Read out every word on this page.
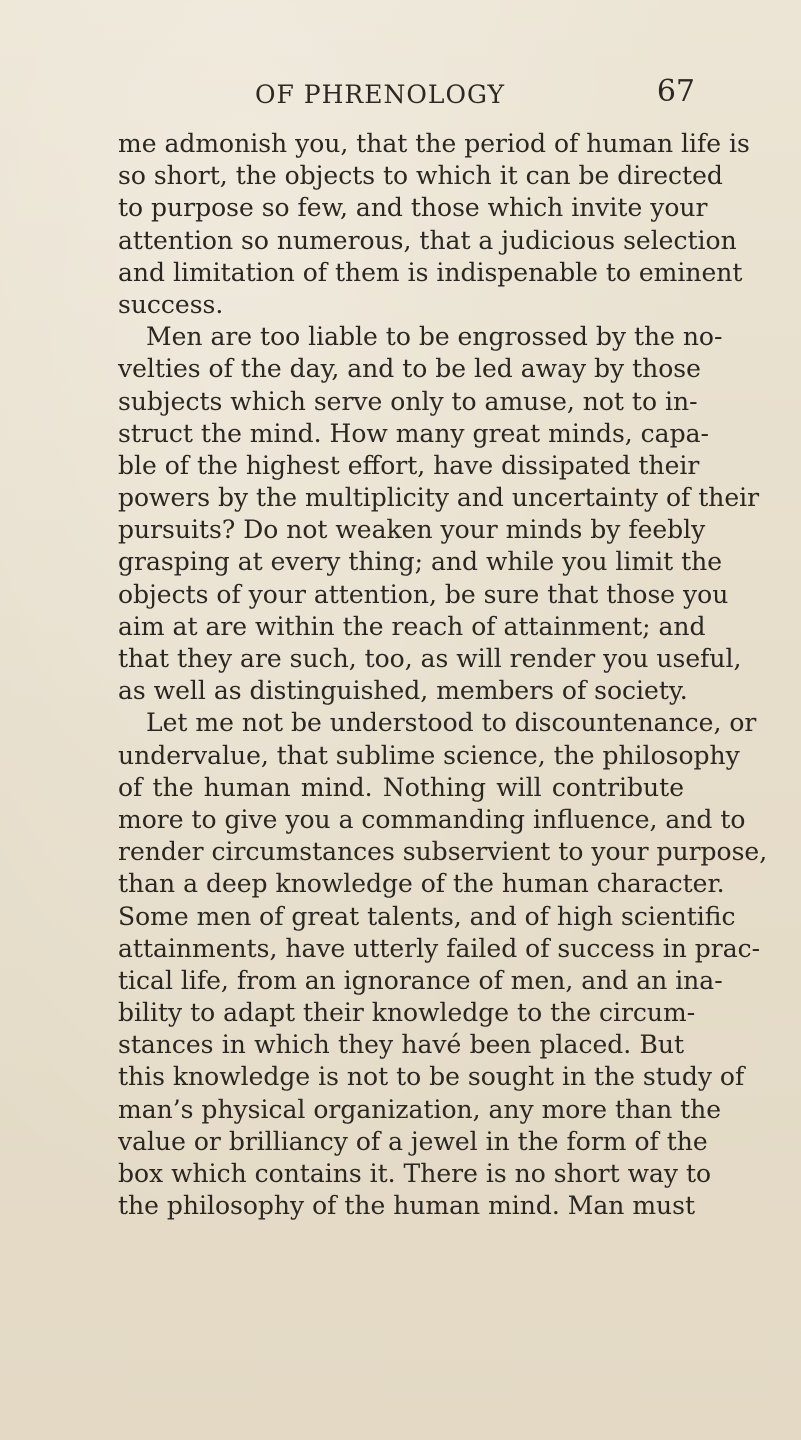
OF PHRENOLOGY	67
me admonish you, that the period of human life is
so short, the objects to which it can be directed
to purpose so few, and those which invite your
attention so numerous, that a judicious selection
and limitation of them is indispenable to eminent
success.
Men are too liable to be engrossed by the no-
velties of the day, and to be led away by those
subjects which serve only to amuse, not to in-
struct the mind. How many great minds, capa-
ble of the highest effort, have dissipated their
powers by the multiplicity and uncertainty of their
pursuits? Do not weaken your minds by feebly
grasping at every thing; and while you limit the
objects of your attention, be sure that those you
aim at are within the reach of attainment; and
that they are such, too, as will render you useful,
as well as distinguished, members of society.
Let me not be understood to discountenance, or
undervalue, that sublime science, the philosophy
of the human mind. Nothing will contribute
more to give you a commanding influence, and to
render circumstances subservient to your purpose,
than a deep knowledge of the human character.
Some men of great talents, and of high scientific
attainments, have utterly failed of success in prac-
tical life, from an ignorance of men, and an ina-
bility to adapt their knowledge to the circum-
stances in which they havé been placed. But
this knowledge is not to be sought in the study of
man’s physical organization, any more than the
value or brilliancy of a jewel in the form of the
box which contains it. There is no short way to
the philosophy of the human mind. Man must
